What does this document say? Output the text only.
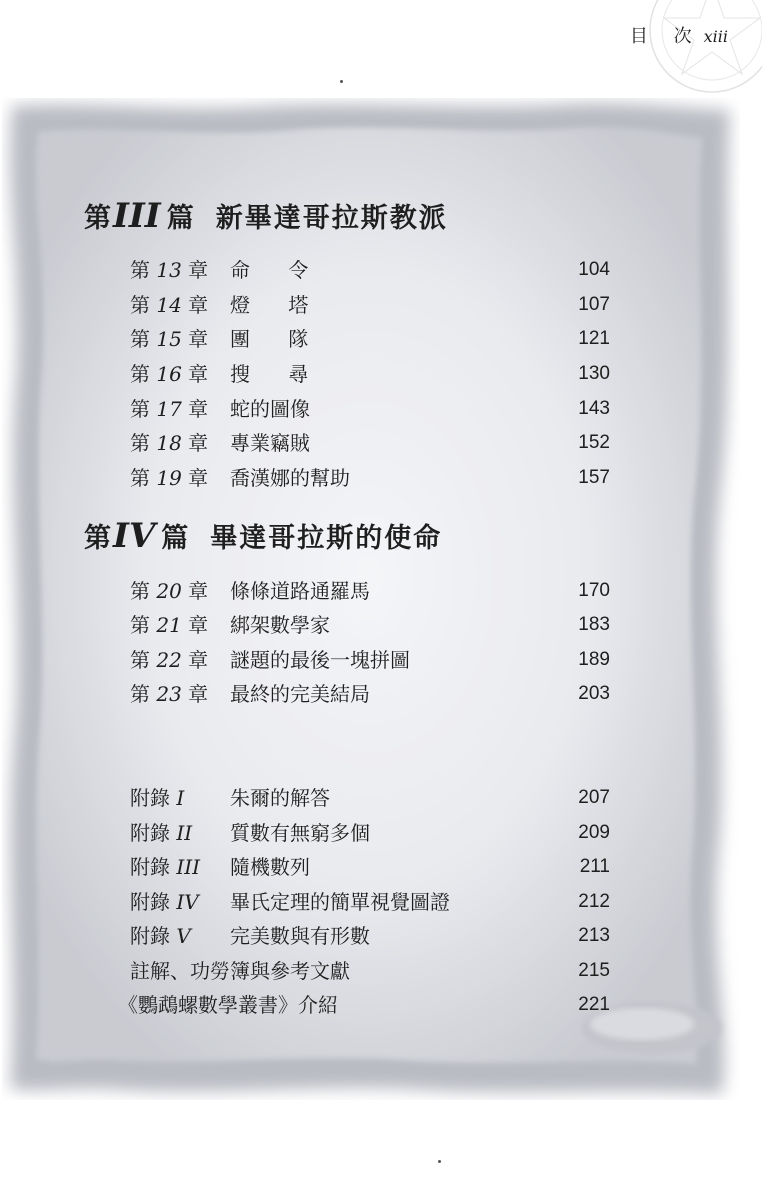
目 次 xiii
第III 篇 新畢達哥拉斯教派
第 13 章 命 令	104
第 14 章 燈 塔	107
第 15 章 團 隊	121
第 16 章 搜 尋	130
第 17 章 蛇的圖像	143
第 18 章 專業竊賊	152
第 19 章 喬漢娜的幫助	157
第IV 篇 畢達哥拉斯的使命
第 20 章 條條道路通羅馬	170
第 21 章 綁架數學家	183
第 22 章 謎題的最後一塊拼圖	189
第 23 章 最終的完美結局	203
附錄 I 朱爾的解答	207
附錄 II 質數有無窮多個	209
附錄 III 隨機數列	211
附錄 IV 畢氏定理的簡單視覺圖證	212
附錄 V 完美數與有形數	213
註解、功勞簿與參考文獻	215
《鸚鵡螺數學叢書》介紹	221
